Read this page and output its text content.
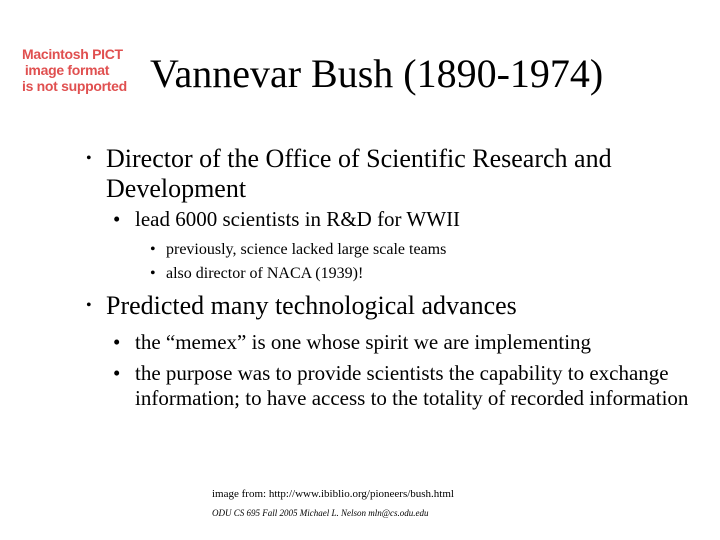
Macintosh PICT
image format
is not supported Vannevar Bush (1890-1974)
• Director of the Office of Scientific Research and Development
• lead 6000 scientists in R&D for WWII
• previously, science lacked large scale teams
• also director of NACA (1939)!
• Predicted many technological advances
• the “memex” is one whose spirit we are implementing
• the purpose was to provide scientists the capability to exchange information; to have access to the totality of recorded information
image from: http://www.ibiblio.org/pioneers/bush.html
ODU CS 695 Fall 2005 Michael L. Nelson mln@cs.odu.edu
